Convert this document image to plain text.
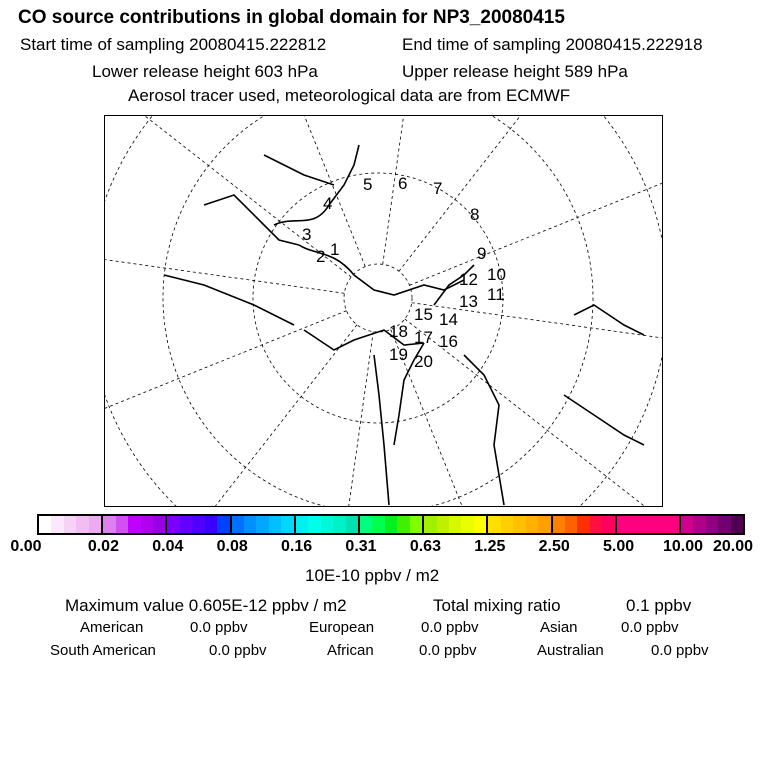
CO source contributions in global domain for NP3_20080415
Start time of sampling 20080415.222812	End time of sampling 20080415.222918
Lower release height 603 hPa	Upper release height 589 hPa
Aerosol tracer used, meteorological data are from ECMWF
1
2
3
4
5 6 7
8
9
10
11
12
13
14
15
16
17
18
19 20
0.00	0.02 0.04 0.08 0.16 0.31 0.63 1.25 2.50 5.00 10.00 20.00
10E-10 ppbv / m2
Maximum value 0.605E-12 ppbv / m2	Total mixing ratio	0.1 ppbv
American	0.0 ppbv	European	0.0 ppbv	Asian	0.0 ppbv
South American	0.0 ppbv	African	0.0 ppbv	Australian	0.0 ppbv
